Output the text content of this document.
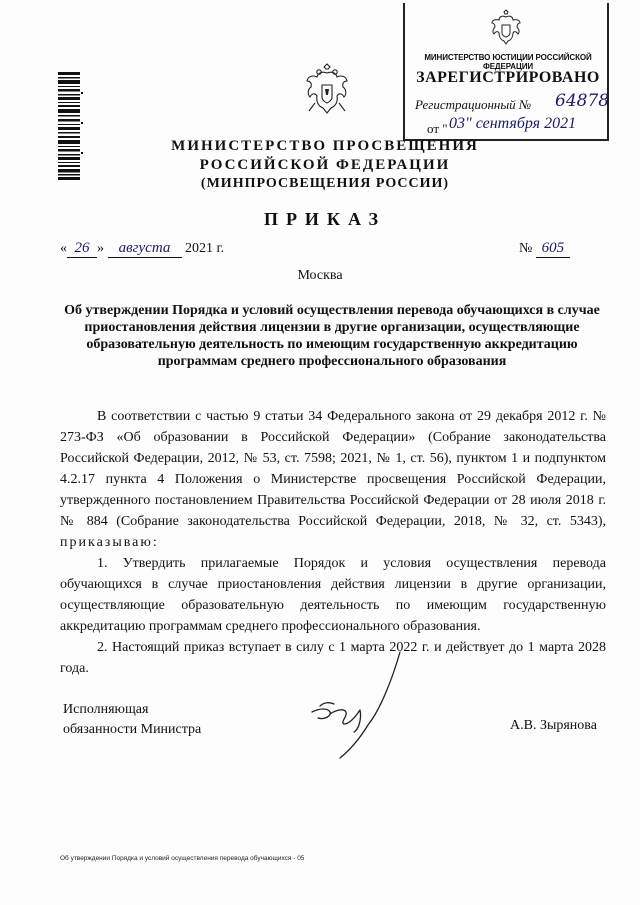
МИНИСТЕРСТВО ЮСТИЦИИ РОССИЙСКОЙ ФЕДЕРАЦИИ
ЗАРЕГИСТРИРОВАНО
Регистрационный № 64878
от " 03" сентября 2021
МИНИСТЕРСТВО ПРОСВЕЩЕНИЯ
РОССИЙСКОЙ ФЕДЕРАЦИИ
(МИНПРОСВЕЩЕНИЯ РОССИИ)
ПРИКАЗ
« 26 » августа 2021 г.	№ 605
Москва
Об утверждении Порядка и условий осуществления перевода обучающихся в случае приостановления действия лицензии в другие организации, осуществляющие образовательную деятельность по имеющим государственную аккредитацию программам среднего профессионального образования

В соответствии с частью 9 статьи 34 Федерального закона от 29 декабря 2012 г. № 273-ФЗ «Об образовании в Российской Федерации» (Собрание законодательства Российской Федерации, 2012, № 53, ст. 7598; 2021, № 1, ст. 56), пунктом 1 и подпунктом 4.2.17 пункта 4 Положения о Министерстве просвещения Российской Федерации, утвержденного постановлением Правительства Российской Федерации от 28 июля 2018 г. № 884 (Собрание законодательства Российской Федерации, 2018, № 32, ст. 5343), приказываю:

1. Утвердить прилагаемые Порядок и условия осуществления перевода обучающихся в случае приостановления действия лицензии в другие организации, осуществляющие образовательную деятельность по имеющим государственную аккредитацию программам среднего профессионального образования.

2. Настоящий приказ вступает в силу с 1 марта 2022 г. и действует до 1 марта 2028 года.

Исполняющая
обязанности Министра	А.В. Зырянова
Об утверждении Порядка и условий осуществления перевода обучающихся - 05
